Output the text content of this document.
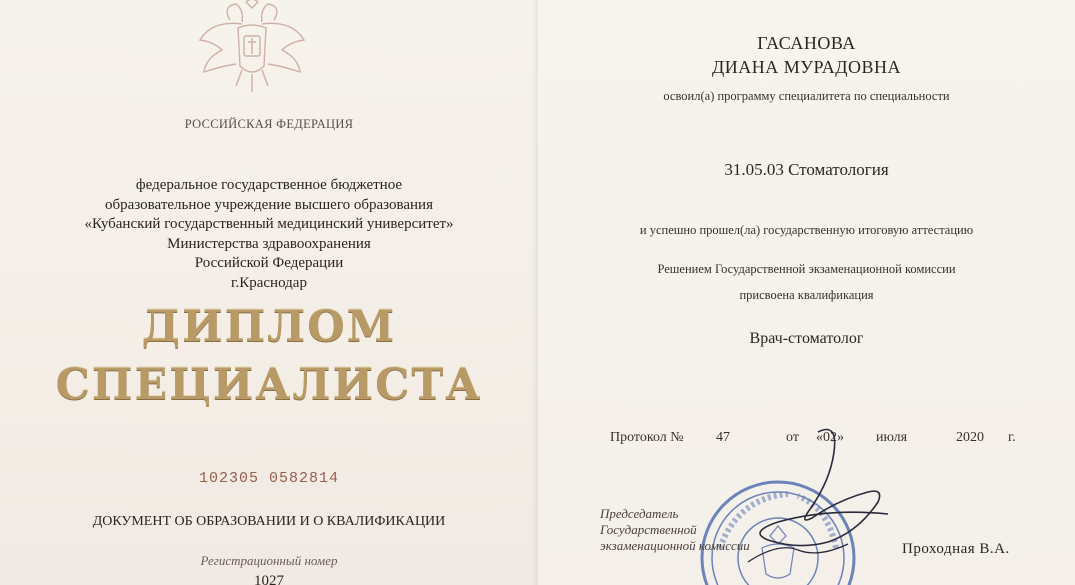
РОССИЙСКАЯ ФЕДЕРАЦИЯ
федеральное государственное бюджетное
образовательное учреждение высшего образования
«Кубанский государственный медицинский университет»
Министерства здравоохранения
Российской Федерации
г.Краснодар
ДИПЛОМ
СПЕЦИАЛИСТА
102305 0582814
ДОКУМЕНТ ОБ ОБРАЗОВАНИИ И О КВАЛИФИКАЦИИ
Регистрационный номер
1027
ГАСАНОВА
ДИАНА МУРАДОВНА
освоил(а) программу специалитета по специальности
31.05.03 Стоматология
и успешно прошел(ла) государственную итоговую аттестацию
Решением Государственной экзаменационной комиссии
присвоена квалификация
Врач-стоматолог
Протокол № 47	от «02» июля	2020 г.
Председатель
Государственной
экзаменационной комиссии	Проходная В.А.
